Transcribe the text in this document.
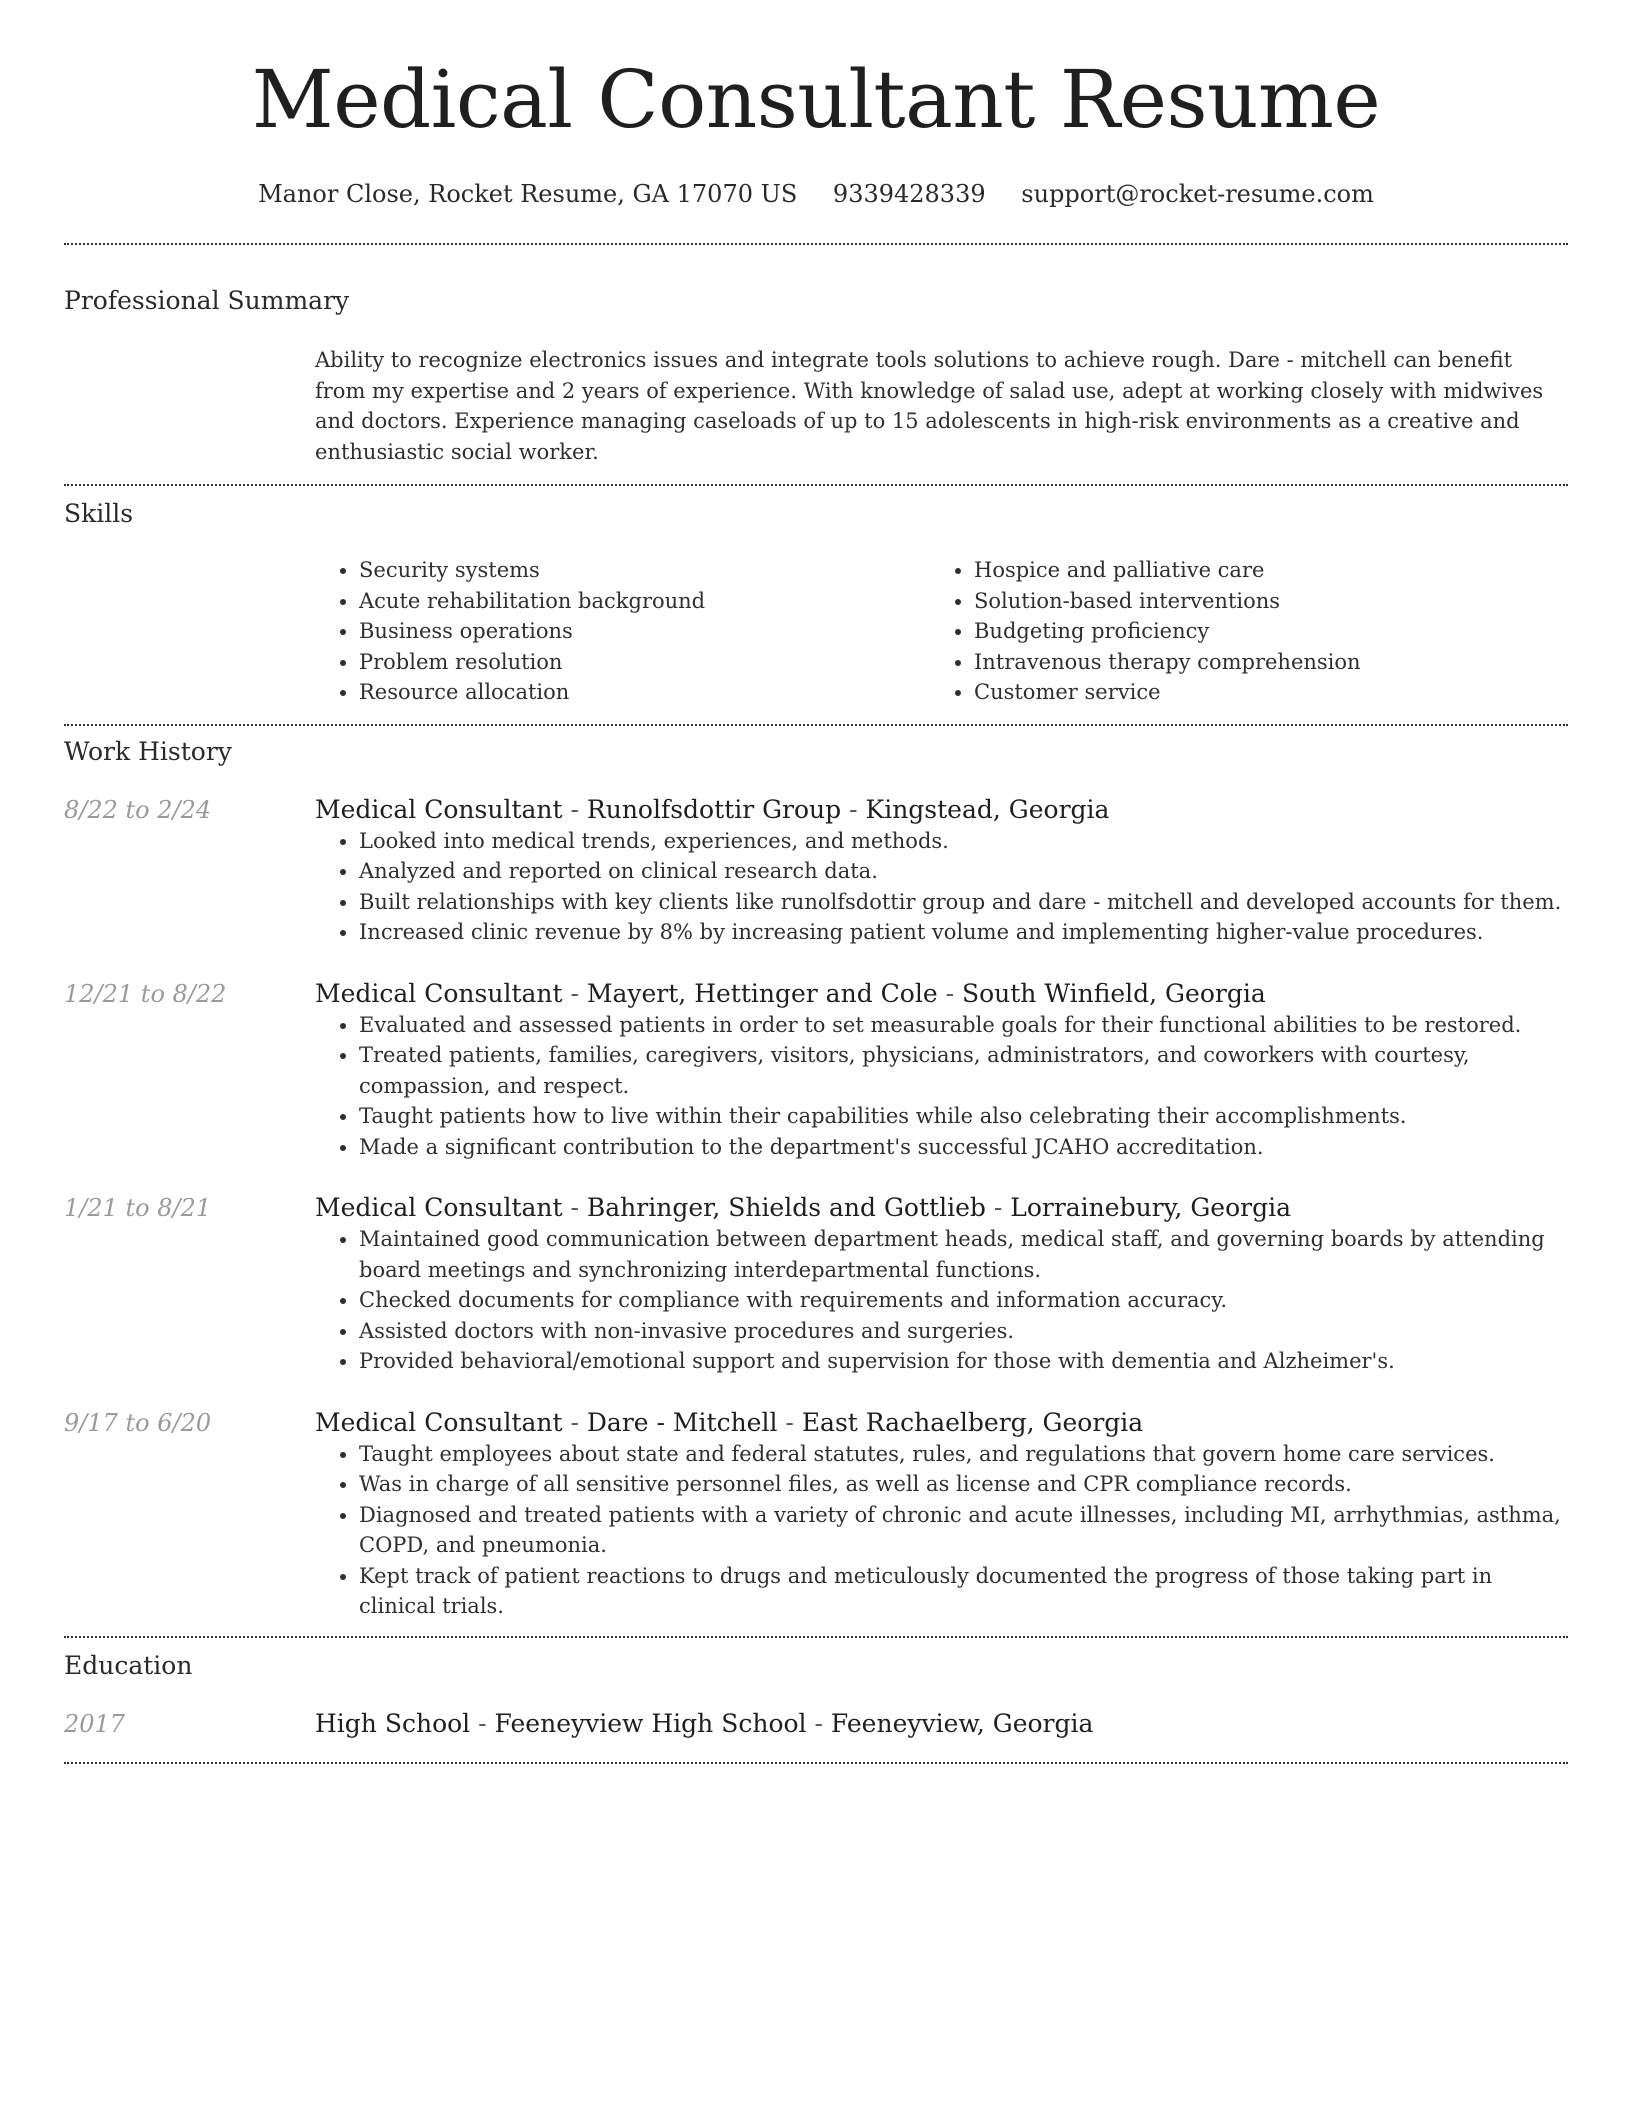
Medical Consultant Resume
Manor Close, Rocket Resume, GA 17070 US 9339428339 support@rocket-resume.com
Professional Summary

Ability to recognize electronics issues and integrate tools solutions to achieve rough. Dare - mitchell can benefit from my expertise and 2 years of experience. With knowledge of salad use, adept at working closely with midwives and doctors. Experience managing caseloads of up to 15 adolescents in high-risk environments as a creative and enthusiastic social worker.

Skills
• Security systems
• Acute rehabilitation background
• Business operations
• Problem resolution
• Resource allocation
• Hospice and palliative care
• Solution-based interventions
• Budgeting proficiency
• Intravenous therapy comprehension
• Customer service
Work History
8/22 to 2/24	Medical Consultant - Runolfsdottir Group - Kingstead, Georgia
• Looked into medical trends, experiences, and methods.
• Analyzed and reported on clinical research data.
• Built relationships with key clients like runolfsdottir group and dare - mitchell and developed accounts for them.
• Increased clinic revenue by 8% by increasing patient volume and implementing higher-value procedures.
12/21 to 8/22	Medical Consultant - Mayert, Hettinger and Cole - South Winfield, Georgia
• Evaluated and assessed patients in order to set measurable goals for their functional abilities to be restored.
• Treated patients, families, caregivers, visitors, physicians, administrators, and coworkers with courtesy, compassion, and respect.
• Taught patients how to live within their capabilities while also celebrating their accomplishments.
• Made a significant contribution to the department's successful JCAHO accreditation.
1/21 to 8/21	Medical Consultant - Bahringer, Shields and Gottlieb - Lorrainebury, Georgia
• Maintained good communication between department heads, medical staff, and governing boards by attending board meetings and synchronizing interdepartmental functions.
• Checked documents for compliance with requirements and information accuracy.
• Assisted doctors with non-invasive procedures and surgeries.
• Provided behavioral/emotional support and supervision for those with dementia and Alzheimer's.
9/17 to 6/20	Medical Consultant - Dare - Mitchell - East Rachaelberg, Georgia
• Taught employees about state and federal statutes, rules, and regulations that govern home care services.
• Was in charge of all sensitive personnel files, as well as license and CPR compliance records.
• Diagnosed and treated patients with a variety of chronic and acute illnesses, including MI, arrhythmias, asthma, COPD, and pneumonia.
• Kept track of patient reactions to drugs and meticulously documented the progress of those taking part in clinical trials.
Education
2017	High School - Feeneyview High School - Feeneyview, Georgia
